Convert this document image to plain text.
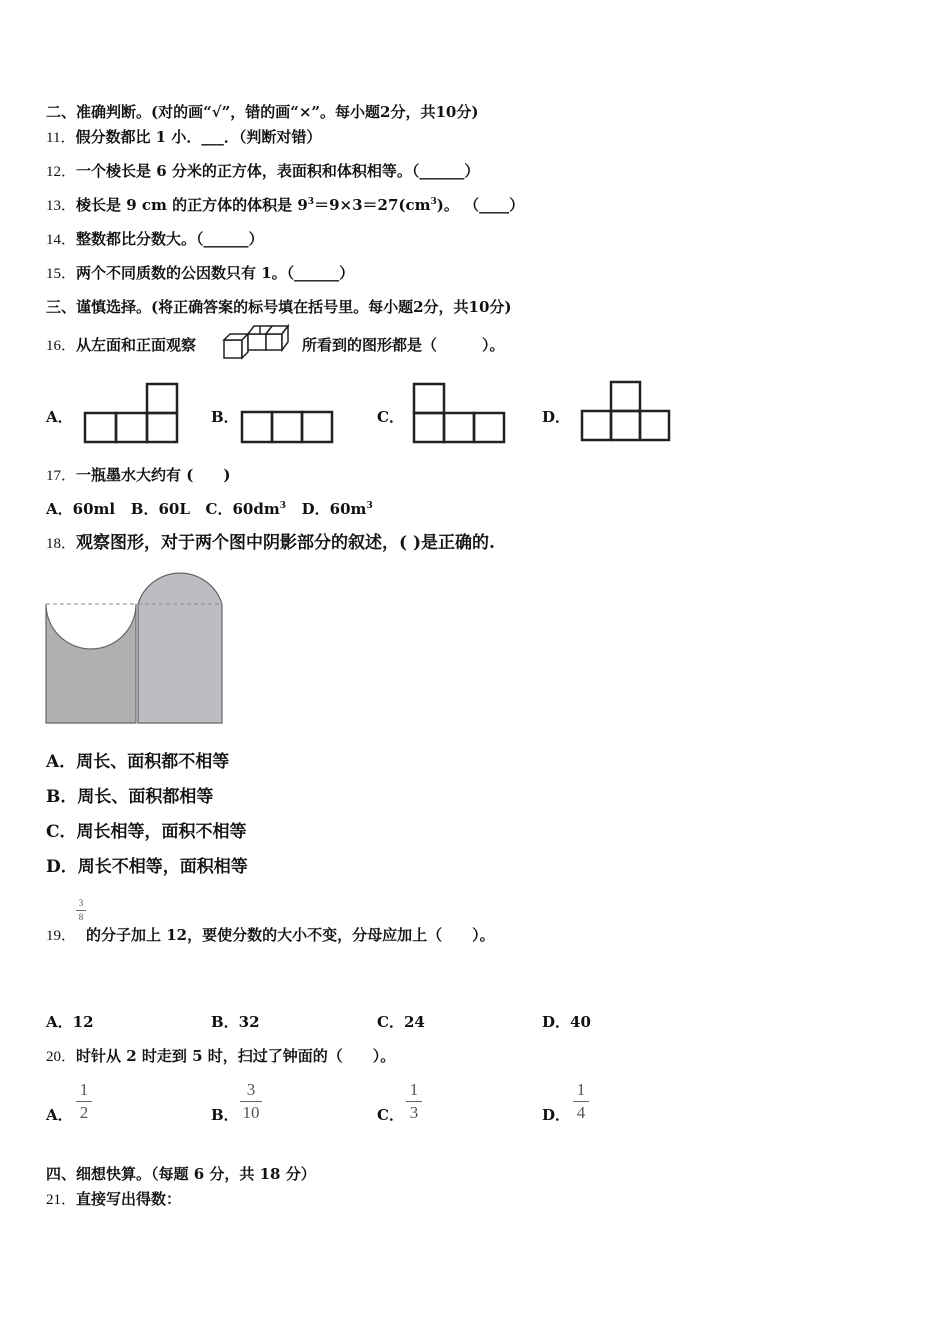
二、准确判断。(对的画“√”，错的画“×”。每小题2分，共10分)
11．假分数都比 1 小．___．（判断对错）
12．一个棱长是 6 分米的正方体，表面积和体积相等。（______）
13．棱长是 9 cm 的正方体的体积是 $9^3=9\times 3=27(cm^3)$。 （____）
14．整数都比分数大。（______）
15．两个不同质数的公因数只有 1。（______）
三、谨慎选择。(将正确答案的标号填在括号里。每小题2分，共10分)
16．从左面和正面观察	所看到的图形都是（　　　）。
A．	B．	C．	D．
17．一瓶墨水大约有 (　　)
A．60ml B．60L C．$60dm^3$ D．$60m^3$
18．观察图形，对于两个图中阴影部分的叙述，( )是正确的.
A．周长、面积都不相等
B．周长、面积都相等
C．周长相等，面积不相等
D．周长不相等，面积相等
3
8
19． 的分子加上 12，要使分数的大小不变，分母应加上（　　）。
A．12	B．32	C．24	D．40
20．时针从 2 时走到 5 时，扫过了钟面的（　　）。
A．
1
2	B．
3
10	C．
1
3	D．
1
4
四、细想快算。（每题 6 分，共 18 分）
21．直接写出得数：
